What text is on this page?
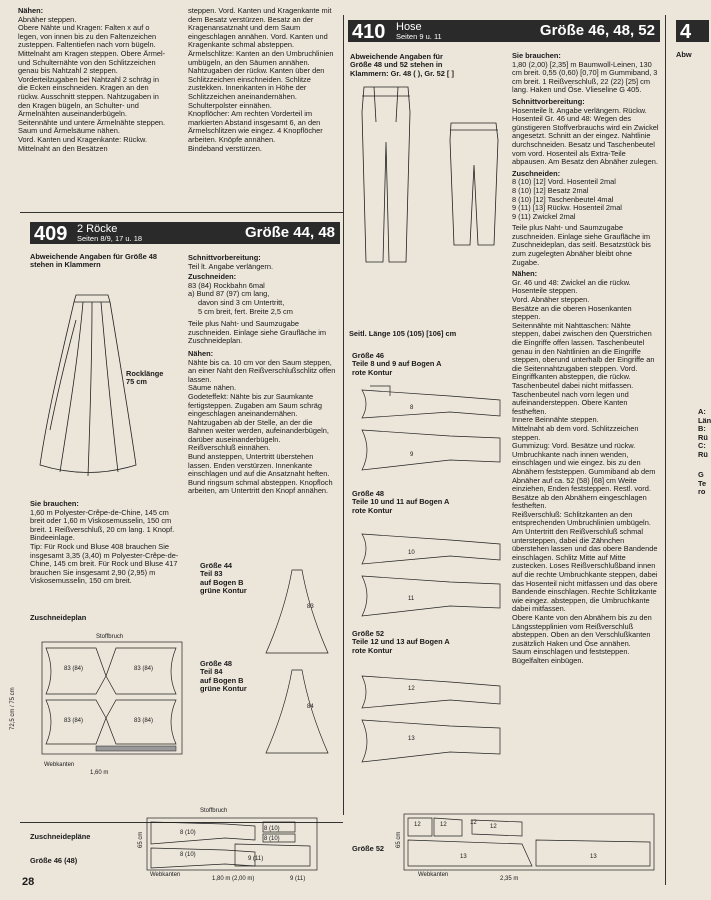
Nähen:

Abnäher steppen.

Obere Nähte und Kragen: Falten x auf o legen, von innen bis zu den Faltenzeichen zusteppen. Faltentiefen nach vorn bügeln. Mittelnaht am Kragen steppen. Obere Ärmel- und Schulternähte von den Schlitzzeichen genau bis Nahtzahl 2 steppen. Vorderteilzugaben bei Nahtzahl 2 schräg in die Ecken einschneiden. Kragen an den rückw. Ausschnitt steppen. Nahtzugaben in den Kragen bügeln, an Schulter- und Ärmelnähten auseinanderbügeln.

Seitennähte und untere Ärmelnähte steppen.

Saum und Ärmelsäume nähen.

Vord. Kanten und Kragenkante: Rückw. Mittelnaht an den Besätzen

steppen. Vord. Kanten und Kragenkante mit dem Besatz verstürzen. Besatz an der Kragenansatznaht und dem Saum eingeschlagen annähen. Vord. Kanten und Kragenkante schmal absteppen.

Ärmelschlitze: Kanten an den Umbruchlinien umbügeln, an den Säumen annähen. Nahtzugaben der rückw. Kanten über den Schlitzzeichen einschneiden. Schlitze zustekken. Innenkanten in Höhe der Schlitzzeichen aneinandernähen.

Schulterpolster einnähen.

Knopflöcher: Am rechten Vorderteil im markierten Abstand insgesamt 6, an den Ärmelschlitzen wie eingez. 4 Knopflöcher arbeiten. Knöpfe annähen.

Bindeband verstürzen.

409 2 Röcke
Seiten 8/9, 17 u. 18	Größe 44, 48
410 Hose
Seiten 9 u. 11	Größe 46, 48, 52 4
Abw
A:
Län
B:
Rü
C:
Rü
G
Te
ro
Abweichende Angaben für Größe 48 stehen in Klammern
Rocklänge 75 cm

Sie brauchen:

1,60 m Polyester-Crêpe-de-Chine, 145 cm breit oder 1,60 m Viskosemusselin, 150 cm breit. 1 Reißverschluß, 20 cm lang. 1 Knopf. Bindeeinlage.

Tip: Für Rock und Bluse 408 brauchen Sie insgesamt 3,35 (3,40) m Polyester-Crêpe-de-Chine, 145 cm breit. Für Rock und Bluse 417 brauchen Sie insgesamt 2,90 (2,95) m Viskosemusselin, 150 cm breit.

Zuschneideplan
Stoffbruch
83 (84)	83 (84)
83 (84)	83 (84)
72,5 cm / 75 cm
Webkanten
1,60 m

Schnittvorbereitung:

Teil lt. Angabe verlängern.

Zuschneiden:

83 (84) Rockbahn 6mal

a) Bund 87 (97) cm lang,

davon sind 3 cm Untertritt,

5 cm breit, fert. Breite 2,5 cm

Teile plus Naht- und Saumzugabe zuschneiden. Einlage siehe Graufläche im Zuschneideplan.

Nähen:

Nähte bis ca. 10 cm vor den Saum steppen, an einer Naht den Reißverschlußschlitz offen lassen.

Säume nähen.

Godeteffekt: Nähte bis zur Saumkante fertigsteppen. Zugaben am Saum schräg eingeschlagen aneinandernähen. Nahtzugaben ab der Stelle, an der die Bahnen weiter werden, aufeinanderbügeln, darüber auseinanderbügeln.

Reißverschluß einnähen.

Bund ansteppen, Untertritt überstehen lassen. Enden verstürzen. Innenkante einschlagen und auf die Ansatznaht heften. Bund ringsum schmal absteppen. Knopfloch arbeiten, am Untertritt den Knopf annähen.

Größe 44
Teil 83
auf Bogen B
grüne Kontur
Größe 48
Teil 84
auf Bogen B
grüne Kontur
83
84
Abweichende Angaben für Größe 48 und 52 stehen in Klammern: Gr. 48 ( ), Gr. 52 [ ]
Seitl. Länge 105 (105) [106] cm
Größe 46
Teile 8 und 9 auf Bogen A
rote Kontur
8
9
Größe 48
Teile 10 und 11 auf Bogen A
rote Kontur
10
11
Größe 52
Teile 12 und 13 auf Bogen A
rote Kontur
12
13

Sie brauchen:

1,80 (2,00) [2,35] m Baumwoll-Leinen, 130 cm breit. 0,55 (0,60) [0,70] m Gummiband, 3 cm breit. 1 Reißverschluß, 22 (22) [25] cm lang. Haken und Öse. Vlieseline G 405.

Schnittvorbereitung:

Hosenteile lt. Angabe verlängern. Rückw. Hosenteil Gr. 46 und 48: Wegen des günstigeren Stoffverbrauchs wird ein Zwickel angesetzt. Schnitt an der eingez. Nahtlinie durchschneiden. Besatz und Taschenbeutel vom vord. Hosenteil als Extra-Teile abpausen. Am Besatz den Abnäher zulegen.

Zuschneiden:

8 (10) [12] Vord. Hosenteil 2mal

8 (10) [12] Besatz 2mal

8 (10) [12] Taschenbeutel 4mal

9 (11) [13] Rückw. Hosenteil 2mal

9 (11) Zwickel 2mal

Teile plus Naht- und Saumzugabe zuschneiden. Einlage siehe Graufläche im Zuschneideplan, das seitl. Besatzstück bis zum zugelegten Abnäher bleibt ohne Zugabe.

Nähen:

Gr. 46 und 48: Zwickel an die rückw. Hosenteile steppen.

Vord. Abnäher steppen.

Besätze an die oberen Hosenkanten steppen.

Seitennähte mit Nahttaschen: Nähte steppen, dabei zwischen den Querstrichen die Eingriffe offen lassen. Taschenbeutel genau in den Nahtlinien an die Eingriffe steppen, oberund unterhalb der Eingriffe an die Seitennahtzugaben steppen. Vord. Eingriffkanten absteppen, die rückw. Taschenbeutel dabei nicht mitfassen. Taschenbeutel nach vorn legen und aufeinandersteppen. Obere Kanten festheften.

Innere Beinnähte steppen.

Mittelnaht ab dem vord. Schlitzzeichen steppen.

Gummizug: Vord. Besätze und rückw. Umbruchkante nach innen wenden, einschlagen und wie eingez. bis zu den Abnähern feststeppen. Gummiband ab dem Abnäher auf ca. 52 (58) [68] cm Weite einziehen, Enden feststeppen. Restl. vord. Besätze ab den Abnähern eingeschlagen festheften.

Reißverschluß: Schlitzkanten an den entsprechenden Umbruchlinien umbügeln. Am Untertritt den Reißverschluß schmal untersteppen, dabei die Zähnchen überstehen lassen und das obere Bandende einschlagen. Schlitz Mitte auf Mitte zustecken. Loses Reißverschlußband innen auf die rechte Umbruchkante steppen, dabei das Hosenteil nicht mitfassen und das obere Bandende einschlagen. Rechte Schlitzkante wie eingez. absteppen, die Umbruchkante dabei mitfassen.

Obere Kante von den Abnähern bis zu den Längsstepplinien vom Reißverschluß absteppen. Oben an den Verschlußkanten zusätzlich Haken und Öse annähen.

Saum einschlagen und feststeppen.

Bügelfalten einbügen.

Zuschneidepläne
Größe 46 (48)
Größe 52
Stoffbruch
8 (10)
8 (10)
8 (10)
8 (10)
9 (11)
9 (11)
65 cm
Webkanten
1,80 m (2,00 m)
12	12	12
12
13	13
65 cm
Webkanten
2,35 m
28
